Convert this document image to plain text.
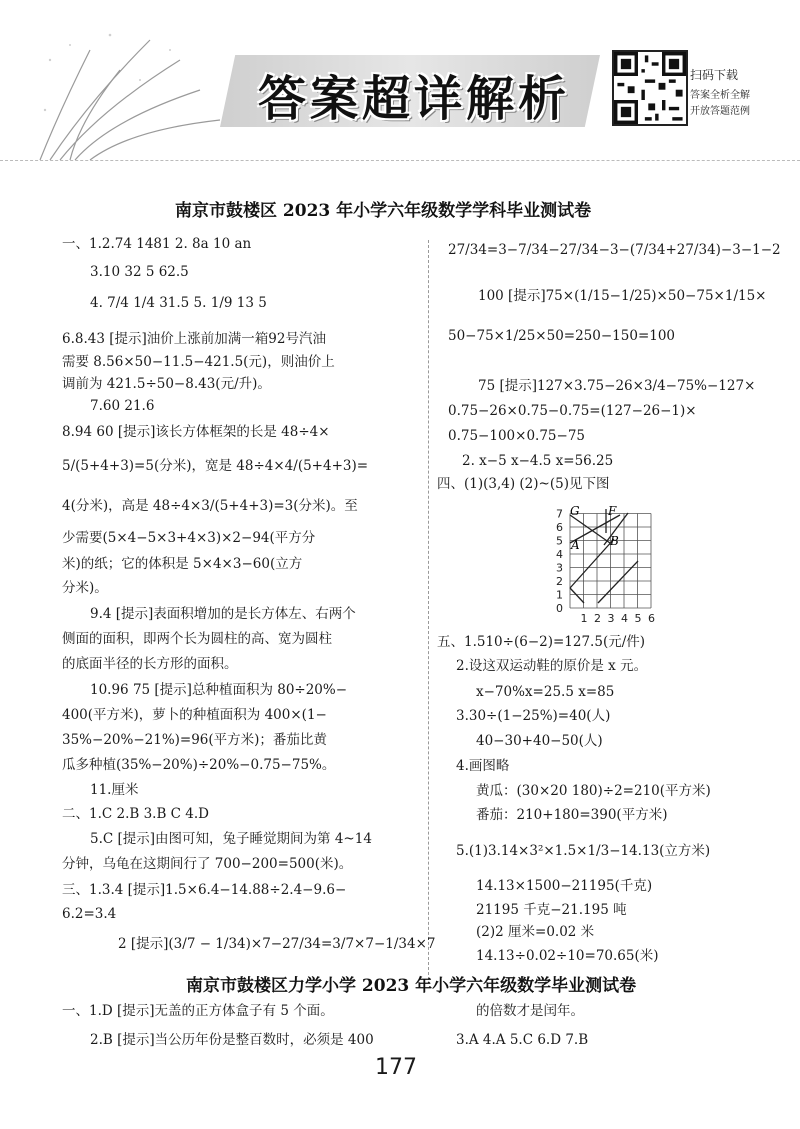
答案超详解析	扫码下载
答案全析全解
开放答题范例
南京市鼓楼区 2023 年小学六年级数学学科毕业测试卷
一、1.2.74 1481 2. 8a 10 an
3.10 32 5 62.5
4. 7/4 1/4 31.5 5. 1/9 13 5
6.8.43 [提示]油价上涨前加满一箱92号汽油
需要 8.56×50−11.5−421.5(元)，则油价上
调前为 421.5÷50−8.43(元/升)。
7.60 21.6
8.94 60 [提示]该长方体框架的长是 48÷4×
5/(5+4+3)=5(分米)，宽是 48÷4×4/(5+4+3)=
4(分米)，高是 48÷4×3/(5+4+3)=3(分米)。至
少需要(5×4−5×3+4×3)×2−94(平方分
米)的纸；它的体积是 5×4×3−60(立方
分米)。
9.4 [提示]表面积增加的是长方体左、右两个
侧面的面积，即两个长为圆柱的高、宽为圆柱
的底面半径的长方形的面积。
10.96 75 [提示]总种植面积为 80÷20%−
400(平方米)，萝卜的种植面积为 400×(1−
35%−20%−21%)=96(平方米)；番茄比黄
瓜多种植(35%−20%)÷20%−0.75−75%。
11.厘米
二、1.C 2.B 3.B C 4.D
5.C [提示]由图可知，兔子睡觉期间为第 4~14
分钟，乌龟在这期间行了 700−200=500(米)。
三、1.3.4 [提示]1.5×6.4−14.88÷2.4−9.6−
6.2=3.4
2 [提示](3/7 − 1/34)×7−27/34=3/7×7−1/34×7
27/34=3−7/34−27/34−3−(7/34+27/34)−3−1−2
100 [提示]75×(1/15−1/25)×50−75×1/15×
50−75×1/25×50=250−150=100
75 [提示]127×3.75−26×3/4−75%−127×
0.75−26×0.75−0.75=(127−26−1)×
0.75−100×0.75−75
2. x−5 x−4.5 x=56.25
四、(1)(3,4) (2)~(5)见下图
0
1
2
3
4
5
6
7
1 2 3 4 5 6
G F
A	B
五、1.510÷(6−2)=127.5(元/件)
2.设这双运动鞋的原价是 x 元。
x−70%x=25.5 x=85
3.30÷(1−25%)=40(人)
40−30+40−50(人)
4.画图略
黄瓜：(30×20 180)÷2=210(平方米)
番茄：210+180=390(平方米)
5.(1)3.14×3²×1.5×1/3−14.13(立方米)
14.13×1500−21195(千克)
21195 千克−21.195 吨
(2)2 厘米=0.02 米
14.13÷0.02÷10=70.65(米)
南京市鼓楼区力学小学 2023 年小学六年级数学毕业测试卷
一、1.D [提示]无盖的正方体盒子有 5 个面。
2.B [提示]当公历年份是整百数时，必须是 400
的倍数才是闰年。
3.A 4.A 5.C 6.D 7.B
177
